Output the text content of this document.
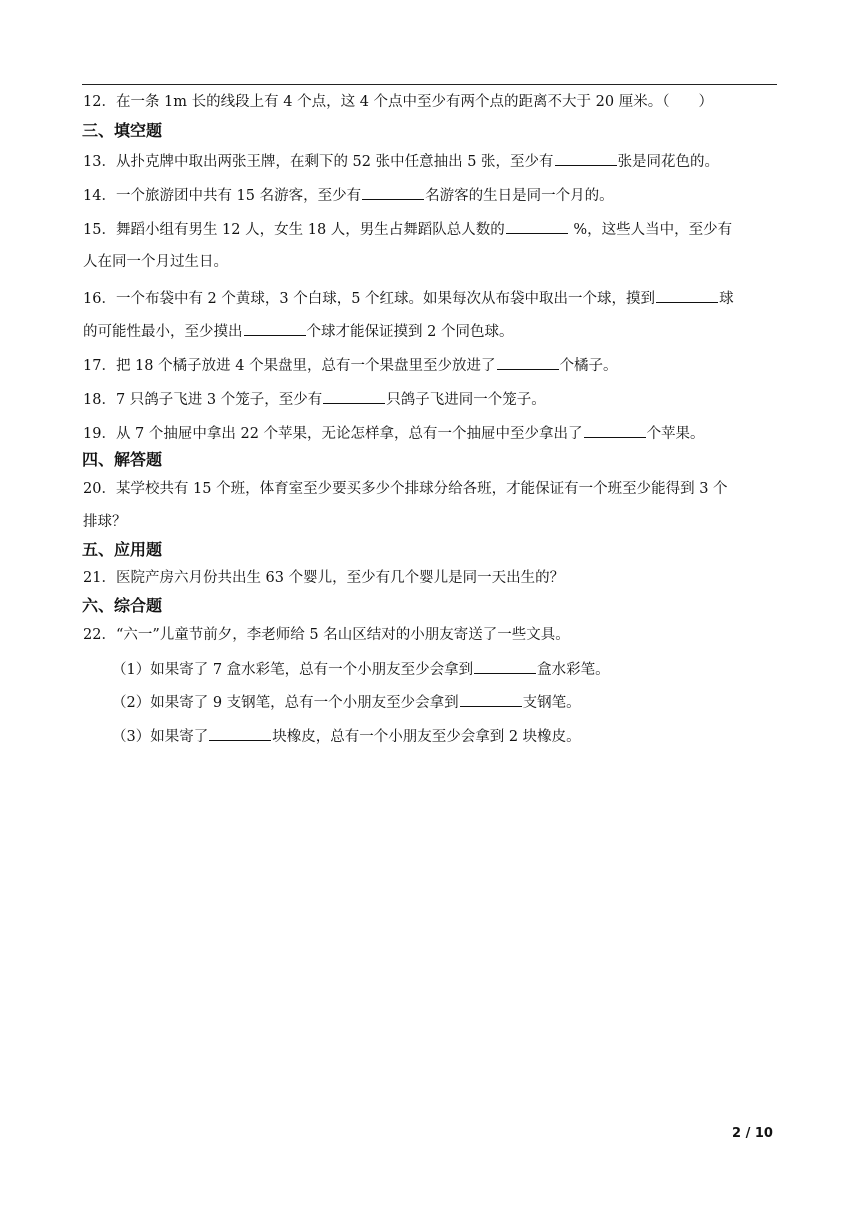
12．在一条 1m 长的线段上有 4 个点，这 4 个点中至少有两个点的距离不大于 20 厘米。（　　）
三、填空题
13．从扑克牌中取出两张王牌，在剩下的 52 张中任意抽出 5 张，至少有	张是同花色的。
14．一个旅游团中共有 15 名游客，至少有	名游客的生日是同一个月的。
15．舞蹈小组有男生 12 人，女生 18 人，男生占舞蹈队总人数的	%，这些人当中，至少有
人在同一个月过生日。
16．一个布袋中有 2 个黄球，3 个白球，5 个红球。如果每次从布袋中取出一个球，摸到	球
的可能性最小，至少摸出	个球才能保证摸到 2 个同色球。
17．把 18 个橘子放进 4 个果盘里，总有一个果盘里至少放进了	个橘子。
18．7 只鸽子飞进 3 个笼子，至少有	只鸽子飞进同一个笼子。
19．从 7 个抽屉中拿出 22 个苹果，无论怎样拿，总有一个抽屉中至少拿出了	个苹果。
四、解答题
20．某学校共有 15 个班，体育室至少要买多少个排球分给各班，才能保证有一个班至少能得到 3 个
排球？
五、应用题
21．医院产房六月份共出生 63 个婴儿，至少有几个婴儿是同一天出生的？
六、综合题
22．“六一”儿童节前夕，李老师给 5 名山区结对的小朋友寄送了一些文具。
（1）如果寄了 7 盒水彩笔，总有一个小朋友至少会拿到	盒水彩笔。
（2）如果寄了 9 支钢笔，总有一个小朋友至少会拿到	支钢笔。
（3）如果寄了	块橡皮，总有一个小朋友至少会拿到 2 块橡皮。
2 / 10
